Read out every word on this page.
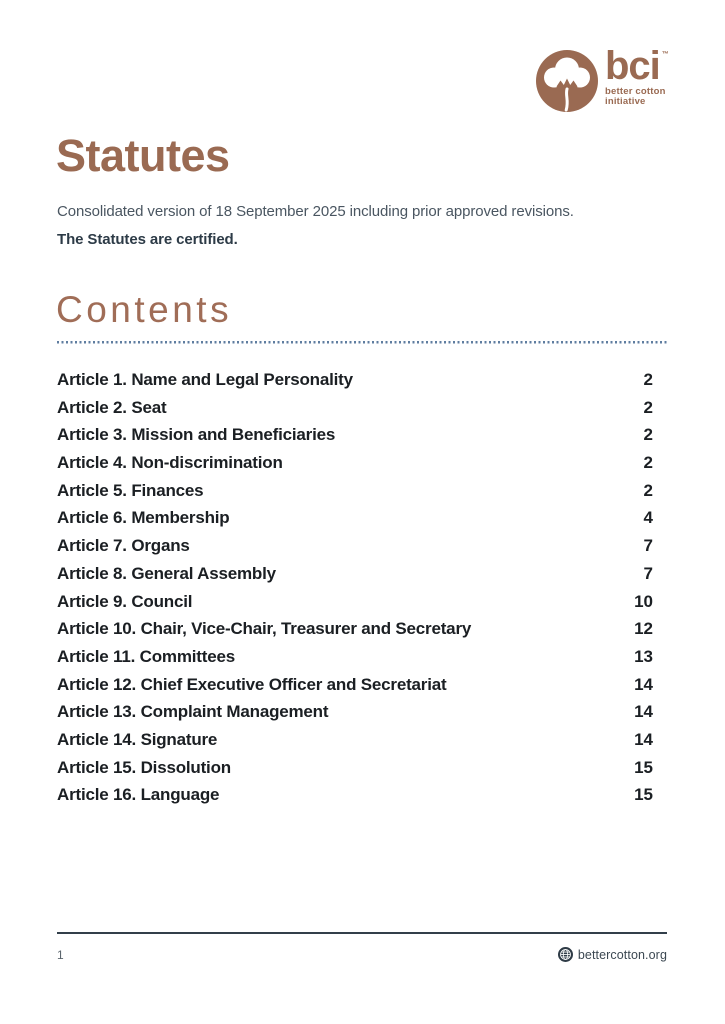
bci ™
better cotton initiative
Statutes

Consolidated version of 18 September 2025 including prior approved revisions.

The Statutes are certified.

Contents
Article 1. Name and Legal Personality	2
Article 2. Seat	2
Article 3. Mission and Beneficiaries	2
Article 4. Non-discrimination	2
Article 5. Finances	2
Article 6. Membership	4
Article 7. Organs	7
Article 8. General Assembly	7
Article 9. Council	10
Article 10. Chair, Vice-Chair, Treasurer and Secretary	12
Article 11. Committees	13
Article 12. Chief Executive Officer and Secretariat	14
Article 13. Complaint Management	14
Article 14. Signature	14
Article 15. Dissolution	15
Article 16. Language	15
1	bettercotton.org
